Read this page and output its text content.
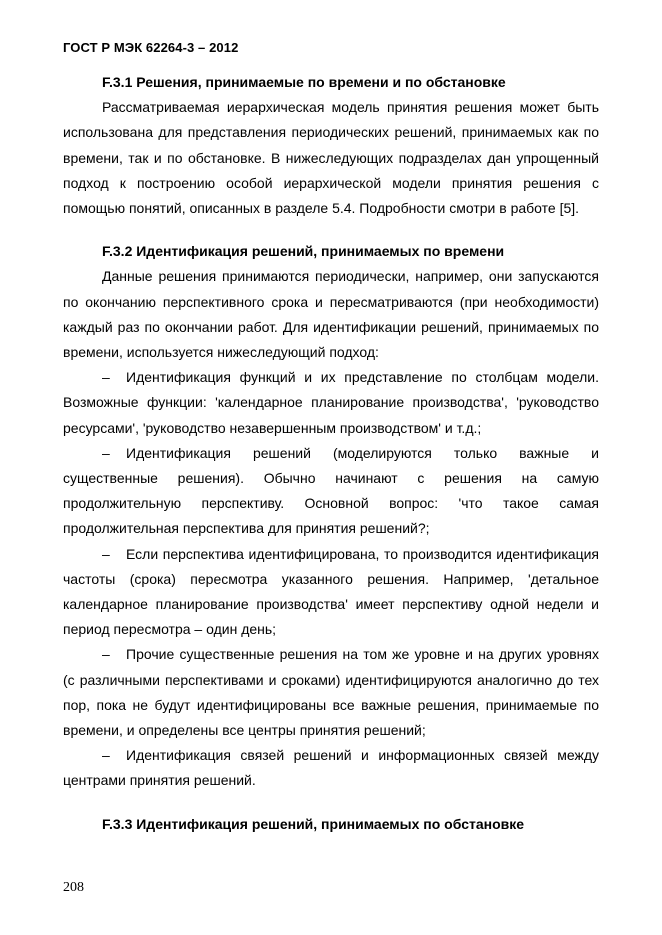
ГОСТ Р МЭК 62264-3 – 2012
F.3.1 Решения, принимаемые по времени и по обстановке

Рассматриваемая иерархическая модель принятия решения может быть использована для представления периодических решений, принимаемых как по времени, так и по обстановке. В нижеследующих подразделах дан упрощенный подход к построению особой иерархической модели принятия решения с помощью понятий, описанных в разделе 5.4. Подробности смотри в работе [5].

F.3.2 Идентификация решений, принимаемых по времени

Данные решения принимаются периодически, например, они запускаются по окончанию перспективного срока и пересматриваются (при необходимости) каждый раз по окончании работ. Для идентификации решений, принимаемых по времени, используется нижеследующий подход:

– Идентификация функций и их представление по столбцам модели. Возможные функции: 'календарное планирование производства', 'руководство ресурсами', 'руководство незавершенным производством' и т.д.;

– Идентификация решений (моделируются только важные и существенные решения). Обычно начинают с решения на самую продолжительную перспективу. Основной вопрос: 'что такое самая продолжительная перспектива для принятия решений?;

– Если перспектива идентифицирована, то производится идентификация частоты (срока) пересмотра указанного решения. Например, 'детальное календарное планирование производства' имеет перспективу одной недели и период пересмотра – один день;

– Прочие существенные решения на том же уровне и на других уровнях (с различными перспективами и сроками) идентифицируются аналогично до тех пор, пока не будут идентифицированы все важные решения, принимаемые по времени, и определены все центры принятия решений;

– Идентификация связей решений и информационных связей между центрами принятия решений.

F.3.3 Идентификация решений, принимаемых по обстановке
208
